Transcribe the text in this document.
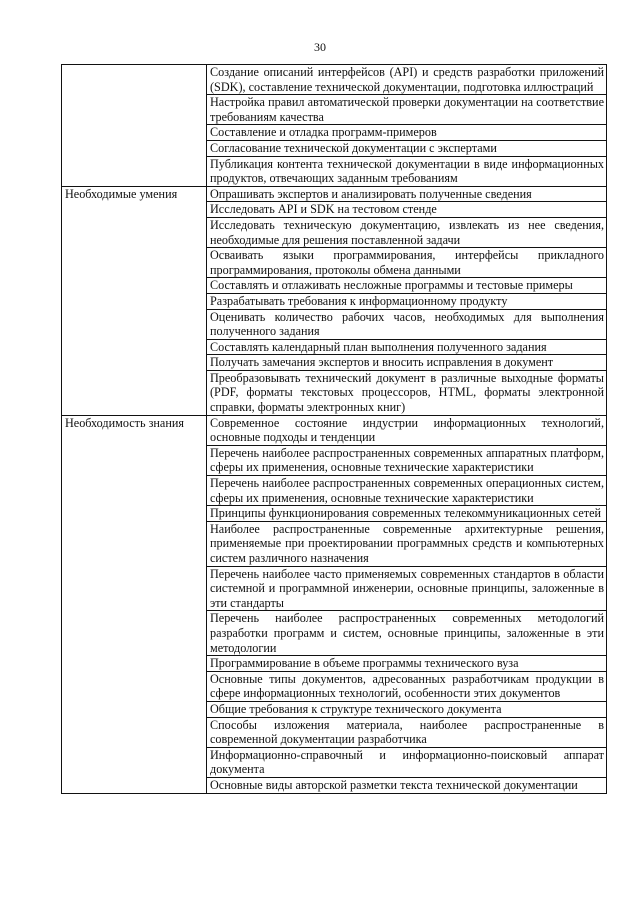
30
	Создание описаний интерфейсов (API) и средств разработки приложений (SDK), составление технической документации, подготовка иллюстраций
	Настройка правил автоматической проверки документации на соответствие требованиям качества
	Составление и отладка программ-примеров
	Согласование технической документации с экспертами
	Публикация контента технической документации в виде информационных продуктов, отвечающих заданным требованиям
Необходимые умения	Опрашивать экспертов и анализировать полученные сведения
	Исследовать API и SDK на тестовом стенде
	Исследовать техническую документацию, извлекать из нее сведения, необходимые для решения поставленной задачи
	Осваивать языки программирования, интерфейсы прикладного программирования, протоколы обмена данными
	Составлять и отлаживать несложные программы и тестовые примеры
	Разрабатывать требования к информационному продукту
	Оценивать количество рабочих часов, необходимых для выполнения полученного задания
	Составлять календарный план выполнения полученного задания
	Получать замечания экспертов и вносить исправления в документ
	Преобразовывать технический документ в различные выходные форматы (PDF, форматы текстовых процессоров, HTML, форматы электронной справки, форматы электронных книг)
Необходимость знания	Современное состояние индустрии информационных технологий, основные подходы и тенденции
	Перечень наиболее распространенных современных аппаратных платформ, сферы их применения, основные технические характеристики
	Перечень наиболее распространенных современных операционных систем, сферы их применения, основные технические характеристики
	Принципы функционирования современных телекоммуникационных сетей
	Наиболее распространенные современные архитектурные решения, применяемые при проектировании программных средств и компьютерных систем различного назначения
	Перечень наиболее часто применяемых современных стандартов в области системной и программной инженерии, основные принципы, заложенные в эти стандарты
	Перечень наиболее распространенных современных методологий разработки программ и систем, основные принципы, заложенные в эти методологии
	Программирование в объеме программы технического вуза
	Основные типы документов, адресованных разработчикам продукции в сфере информационных технологий, особенности этих документов
	Общие требования к структуре технического документа
	Способы изложения материала, наиболее распространенные в современной документации разработчика
	Информационно-справочный и информационно-поисковый аппарат документа
	Основные виды авторской разметки текста технической документации
